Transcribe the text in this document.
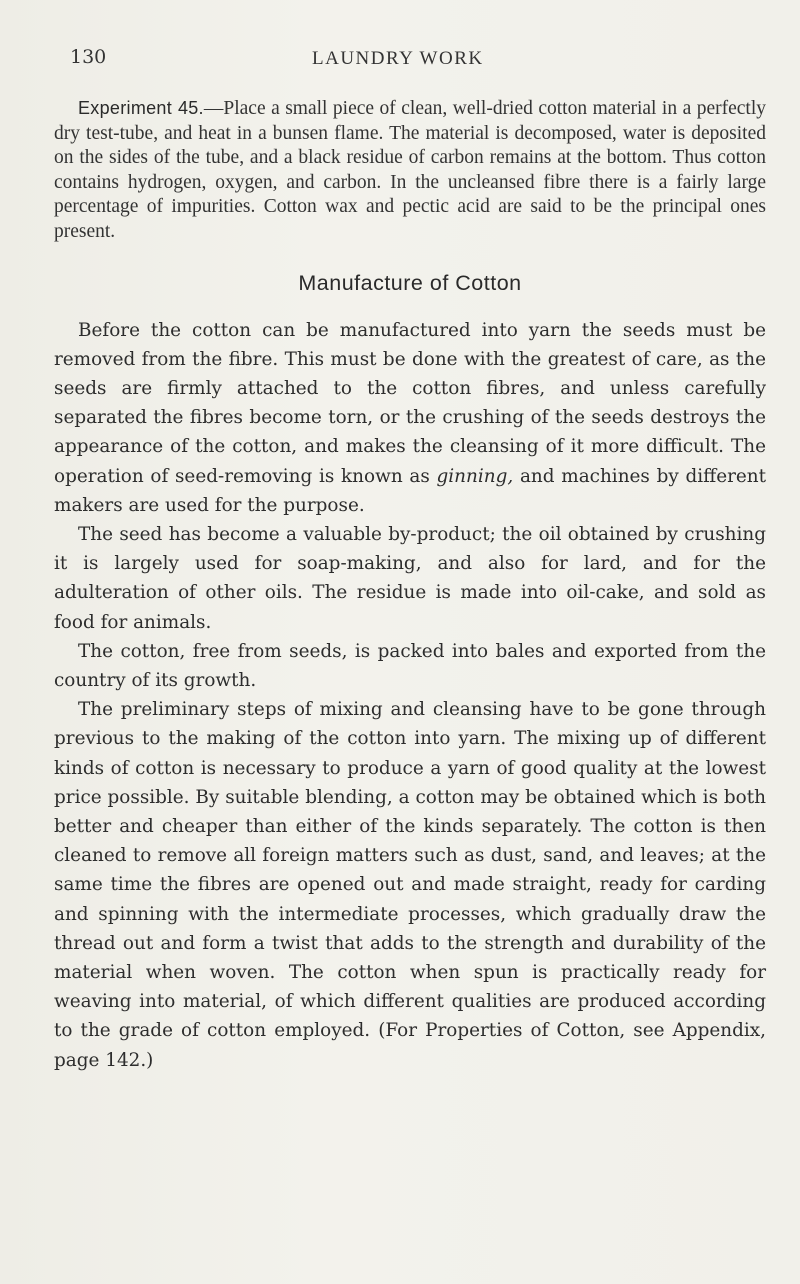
130	LAUNDRY WORK

Experiment 45.—Place a small piece of clean, well-dried cotton material in a perfectly dry test-tube, and heat in a bunsen flame. The material is decomposed, water is deposited on the sides of the tube, and a black residue of carbon remains at the bottom. Thus cotton contains hydrogen, oxygen, and carbon. In the uncleansed fibre there is a fairly large percentage of impurities. Cotton wax and pectic acid are said to be the principal ones present.

Manufacture of Cotton

Before the cotton can be manufactured into yarn the seeds must be removed from the fibre. This must be done with the greatest of care, as the seeds are firmly attached to the cotton fibres, and unless carefully separated the fibres become torn, or the crushing of the seeds destroys the appearance of the cotton, and makes the cleansing of it more difficult. The operation of seed-removing is known as ginning, and machines by different makers are used for the purpose.

The seed has become a valuable by-product; the oil obtained by crushing it is largely used for soap-making, and also for lard, and for the adulteration of other oils. The residue is made into oil-cake, and sold as food for animals.

The cotton, free from seeds, is packed into bales and exported from the country of its growth.

The preliminary steps of mixing and cleansing have to be gone through previous to the making of the cotton into yarn. The mixing up of different kinds of cotton is necessary to produce a yarn of good quality at the lowest price possible. By suitable blending, a cotton may be obtained which is both better and cheaper than either of the kinds separately. The cotton is then cleaned to remove all foreign matters such as dust, sand, and leaves; at the same time the fibres are opened out and made straight, ready for carding and spinning with the intermediate processes, which gradually draw the thread out and form a twist that adds to the strength and durability of the material when woven. The cotton when spun is practically ready for weaving into material, of which different qualities are produced according to the grade of cotton employed. (For Properties of Cotton, see Appendix, page 142.)
